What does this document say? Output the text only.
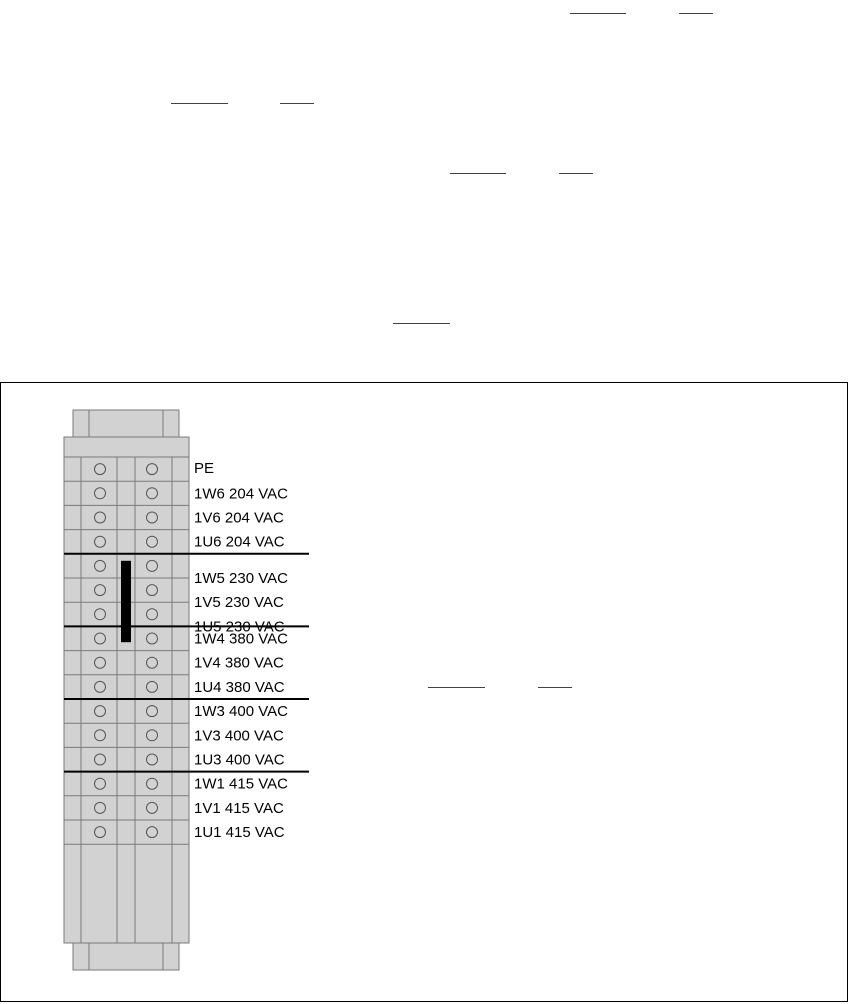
PE
1W6 204 VAC
1V6 204 VAC
1U6 204 VAC
1W5 230 VAC
1V5 230 VAC
1U5 230 VAC
1W4 380 VAC
1V4 380 VAC
1U4 380 VAC
1W3 400 VAC
1V3 400 VAC
1U3 400 VAC
1W1 415 VAC
1V1 415 VAC
1U1 415 VAC
